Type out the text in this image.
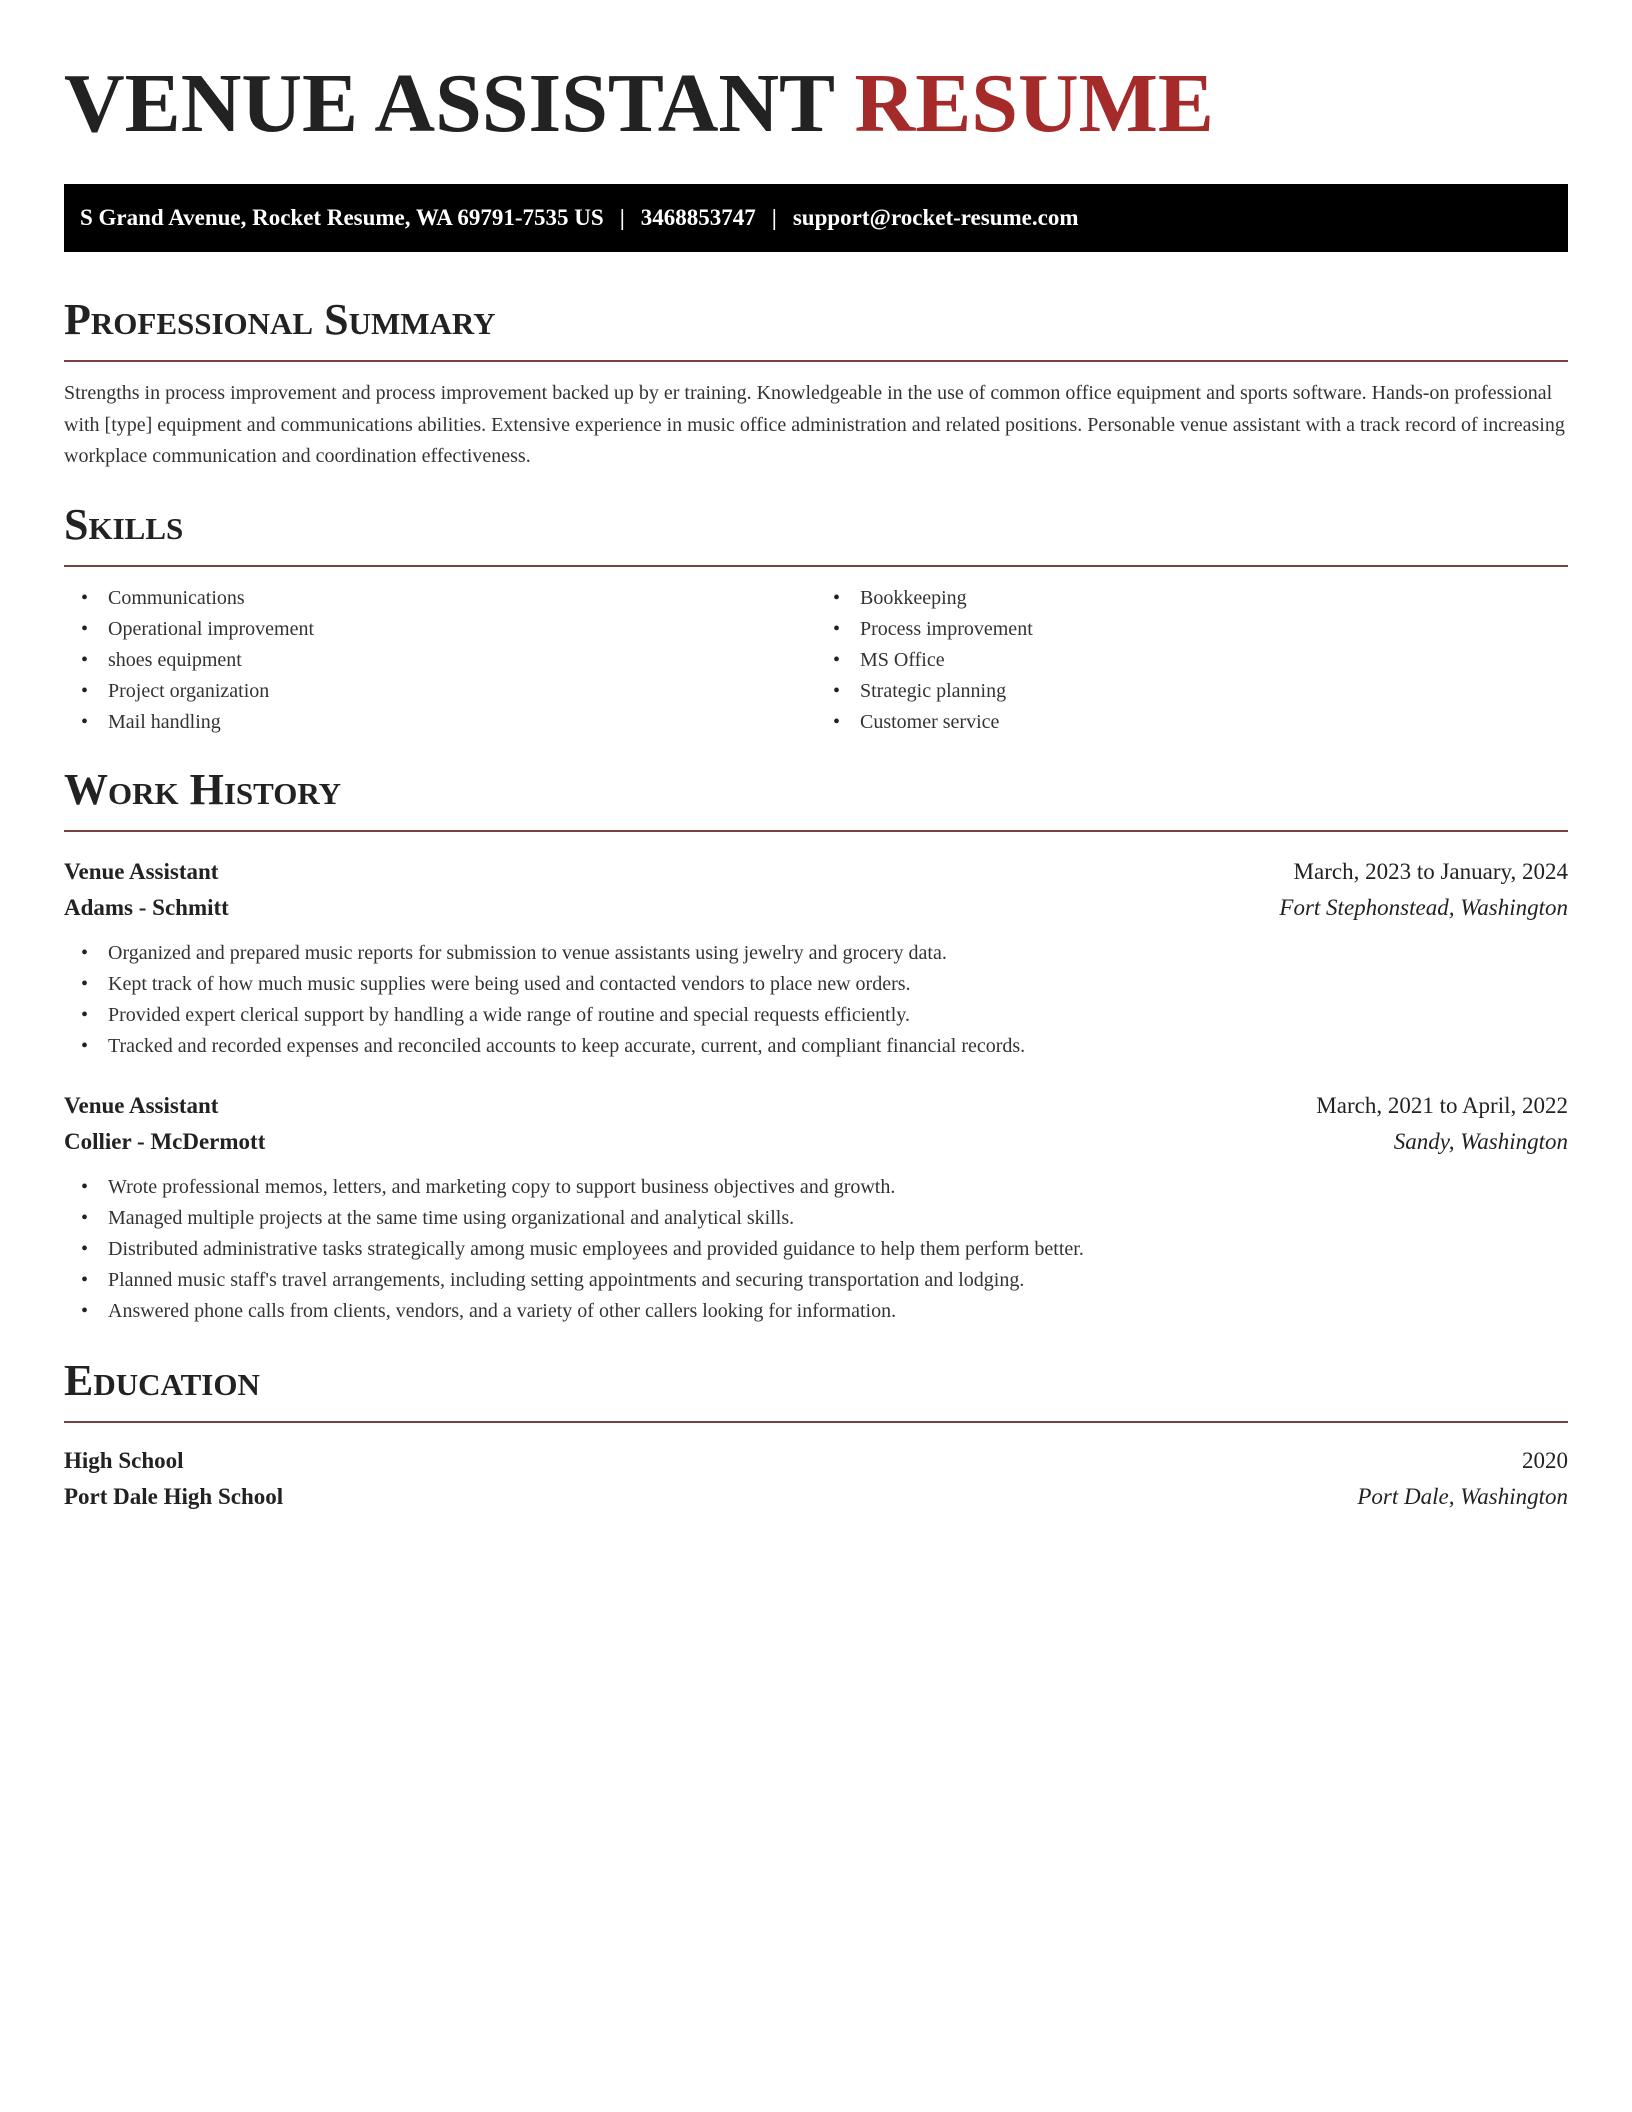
VENUE ASSISTANT RESUME
S Grand Avenue, Rocket Resume, WA 69791-7535 US | 3468853747 | support@rocket-resume.com
Professional Summary

Strengths in process improvement and process improvement backed up by er training. Knowledgeable in the use of common office equipment and sports software. Hands-on professional with [type] equipment and communications abilities. Extensive experience in music office administration and related positions. Personable venue assistant with a track record of increasing workplace communication and coordination effectiveness.

Skills
• Communications
• Operational improvement
• shoes equipment
• Project organization
• Mail handling
• Bookkeeping
• Process improvement
• MS Office
• Strategic planning
• Customer service
Work History
Venue Assistant	March, 2023 to January, 2024
Adams - Schmitt	Fort Stephonstead, Washington
• Organized and prepared music reports for submission to venue assistants using jewelry and grocery data.
• Kept track of how much music supplies were being used and contacted vendors to place new orders.
• Provided expert clerical support by handling a wide range of routine and special requests efficiently.
• Tracked and recorded expenses and reconciled accounts to keep accurate, current, and compliant financial records.
Venue Assistant	March, 2021 to April, 2022
Collier - McDermott	Sandy, Washington
• Wrote professional memos, letters, and marketing copy to support business objectives and growth.
• Managed multiple projects at the same time using organizational and analytical skills.
• Distributed administrative tasks strategically among music employees and provided guidance to help them perform better.
• Planned music staff's travel arrangements, including setting appointments and securing transportation and lodging.
• Answered phone calls from clients, vendors, and a variety of other callers looking for information.
Education
High School	2020
Port Dale High School	Port Dale, Washington
